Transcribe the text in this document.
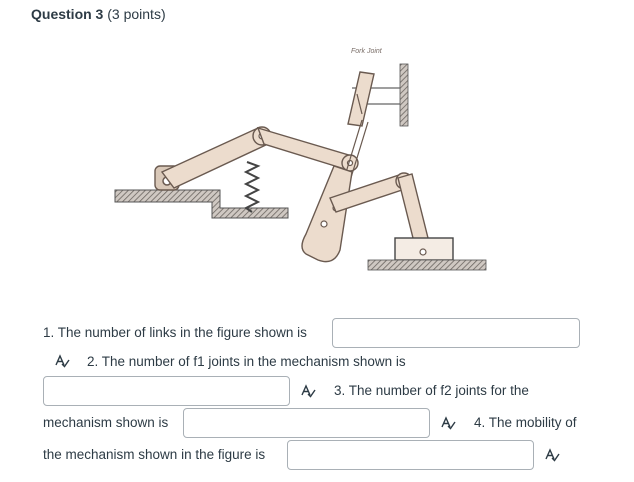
Question 3 (3 points)
Fork Joint
1. The number of links in the figure shown is
2. The number of f1 joints in the mechanism shown is
3. The number of f2 joints for the
mechanism shown is	4. The mobility of
the mechanism shown in the figure is
